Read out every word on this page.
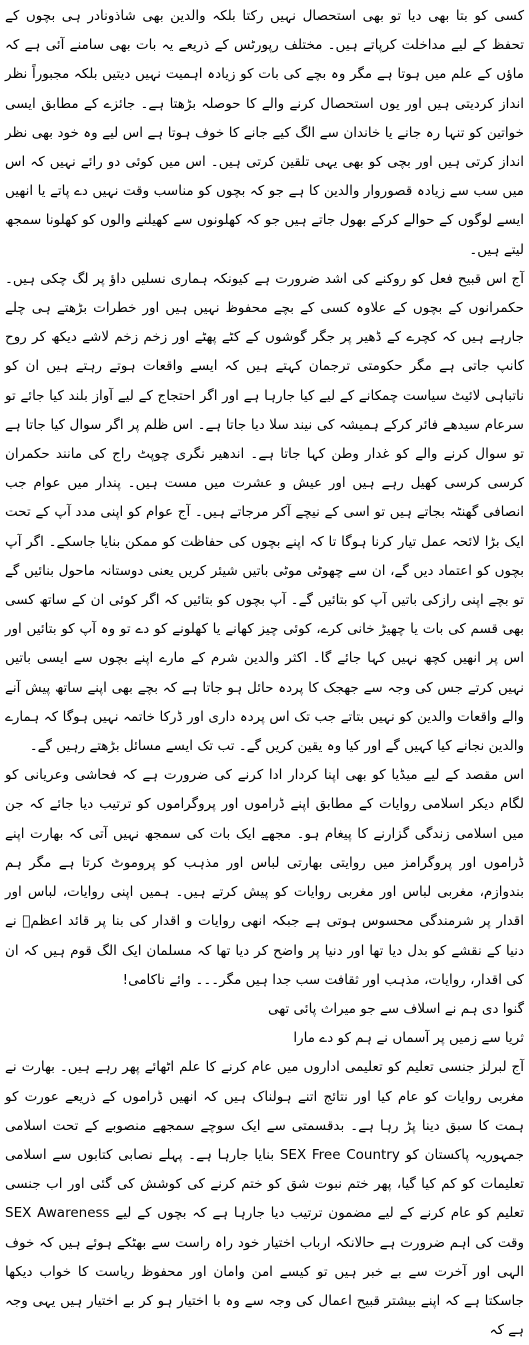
کسی کو بتا بھی دیا تو بھی استحصال نہیں رکتا بلکہ والدین بھی شاذونادر ہی بچوں کے تحفظ کے لیے مداخلت کرپاتے ہیں۔ مختلف رپورٹس کے ذریعے یہ بات بھی سامنے آئی ہے کہ ماؤں کے علم میں ہوتا ہے مگر وہ بچے کی بات کو زیادہ اہمیت نہیں دیتیں بلکہ مجبوراً نظر انداز کردیتی ہیں اور یوں استحصال کرنے والے کا حوصلہ بڑھتا ہے۔ جائزے کے مطابق ایسی خواتین کو تنہا رہ جانے یا خاندان سے الگ کیے جانے کا خوف ہوتا ہے اس لیے وہ خود بھی نظر انداز کرتی ہیں اور بچی کو بھی یہی تلقین کرتی ہیں۔ اس میں کوئی دو رائے نہیں کہ اس میں سب سے زیادہ قصوروار والدین کا ہے جو کہ بچوں کو مناسب وقت نہیں دے پاتے یا انھیں ایسے لوگوں کے حوالے کرکے بھول جاتے ہیں جو کہ کھلونوں سے کھیلنے والوں کو کھلونا سمجھ لیتے ہیں۔

آج اس قبیح فعل کو روکنے کی اشد ضرورت ہے کیونکہ ہماری نسلیں داؤ پر لگ چکی ہیں۔ حکمرانوں کے بچوں کے علاوہ کسی کے بچے محفوظ نہیں ہیں اور خطرات بڑھتے ہی چلے جارہے ہیں کہ کچرے کے ڈھیر پر جگر گوشوں کے کٹے پھٹے اور زخم زخم لاشے دیکھ کر روح کانپ جاتی ہے مگر حکومتی ترجمان کہتے ہیں کہ ایسے واقعات ہوتے رہتے ہیں ان کو ناتباہی لائیٹ سیاست چمکانے کے لیے کیا جارہا ہے اور اگر احتجاج کے لیے آواز بلند کیا جائے تو سرعام سیدھے فائر کرکے ہمیشہ کی نیند سلا دیا جاتا ہے۔ اس ظلم پر اگر سوال کیا جاتا ہے تو سوال کرنے والے کو غدار وطن کہا جاتا ہے۔ اندھیر نگری چوپٹ راج کی مانند حکمران کرسی کرسی کھیل رہے ہیں اور عیش و عشرت میں مست ہیں۔ پندار میں عوام جب انصافی گھنٹہ بجاتے ہیں تو اسی کے نیچے آکر مرجاتے ہیں۔ آج عوام کو اپنی مدد آپ کے تحت ایک بڑا لائحہ عمل تیار کرنا ہوگا تا کہ اپنے بچوں کی حفاظت کو ممکن بنایا جاسکے۔ اگر آپ بچوں کو اعتماد دیں گے، ان سے چھوٹی موٹی باتیں شیئر کریں یعنی دوستانہ ماحول بنائیں گے تو بچے اپنی رازکی باتیں آپ کو بتائیں گے۔ آپ بچوں کو بتائیں کہ اگر کوئی ان کے ساتھ کسی بھی قسم کی بات یا چھیڑ خانی کرے، کوئی چیز کھانے یا کھلونے کو دے تو وہ آپ کو بتائیں اور اس پر انھیں کچھ نہیں کہا جائے گا۔ اکثر والدین شرم کے مارے اپنے بچوں سے ایسی باتیں نہیں کرتے جس کی وجہ سے جھجک کا پردہ حائل ہو جاتا ہے کہ بچے بھی اپنے ساتھ پیش آنے والے واقعات والدین کو نہیں بتاتے جب تک اس پردہ داری اور ڈرکا خاتمہ نہیں ہوگا کہ ہمارے والدین نجانے کیا کہیں گے اور کیا وہ یقین کریں گے۔ تب تک ایسے مسائل بڑھتے رہیں گے۔

اس مقصد کے لیے میڈیا کو بھی اپنا کردار ادا کرنے کی ضرورت ہے کہ فحاشی وعریانی کو لگام دیکر اسلامی روایات کے مطابق اپنے ڈراموں اور پروگراموں کو ترتیب دیا جائے کہ جن میں اسلامی زندگی گزارنے کا پیغام ہو۔ مجھے ایک بات کی سمجھ نہیں آتی کہ بھارت اپنے ڈراموں اور پروگرامز میں روایتی بھارتی لباس اور مذہب کو پروموٹ کرتا ہے مگر ہم بندوازم، مغربی لباس اور مغربی روایات کو پیش کرتے ہیں۔ ہمیں اپنی روایات، لباس اور اقدار پر شرمندگی محسوس ہوتی ہے جبکہ انھی روایات و اقدار کی بنا پر قائد اعظمؒ نے دنیا کے نقشے کو بدل دیا تھا اور دنیا پر واضح کر دیا تھا کہ مسلمان ایک الگ قوم ہیں کہ ان کی اقدار، روایات، مذہب اور ثقافت سب جدا ہیں مگر۔۔۔ وائے ناکامی!

گنوا دی ہم نے اسلاف سے جو میراث پائی تھی

ثریا سے زمیں پر آسماں نے ہم کو دے مارا

آج لبرلز جنسی تعلیم کو تعلیمی اداروں میں عام کرنے کا علم اٹھائے پھر رہے ہیں۔ بھارت نے مغربی روایات کو عام کیا اور نتائج اتنے ہولناک ہیں کہ انھیں ڈراموں کے ذریعے عورت کو ہمت کا سبق دینا پڑ رہا ہے۔ بدقسمتی سے ایک سوچے سمجھے منصوبے کے تحت اسلامی جمہوریہ پاکستان کو SEX Free Country بنایا جارہا ہے۔ پہلے نصابی کتابوں سے اسلامی تعلیمات کو کم کیا گیا، پھر ختم نبوت شق کو ختم کرنے کی کوشش کی گئی اور اب جنسی تعلیم کو عام کرنے کے لیے مضمون ترتیب دیا جارہا ہے کہ بچوں کے لیے SEX Awareness وقت کی اہم ضرورت ہے حالانکہ ارباب اختیار خود راہ راست سے بھٹکے ہوئے ہیں کہ خوف الہی اور آخرت سے بے خبر ہیں تو کیسے امن وامان اور محفوظ ریاست کا خواب دیکھا جاسکتا ہے کہ اپنے بیشتر قبیح اعمال کی وجہ سے وہ با اختیار ہو کر بے اختیار ہیں یہی وجہ ہے کہ
